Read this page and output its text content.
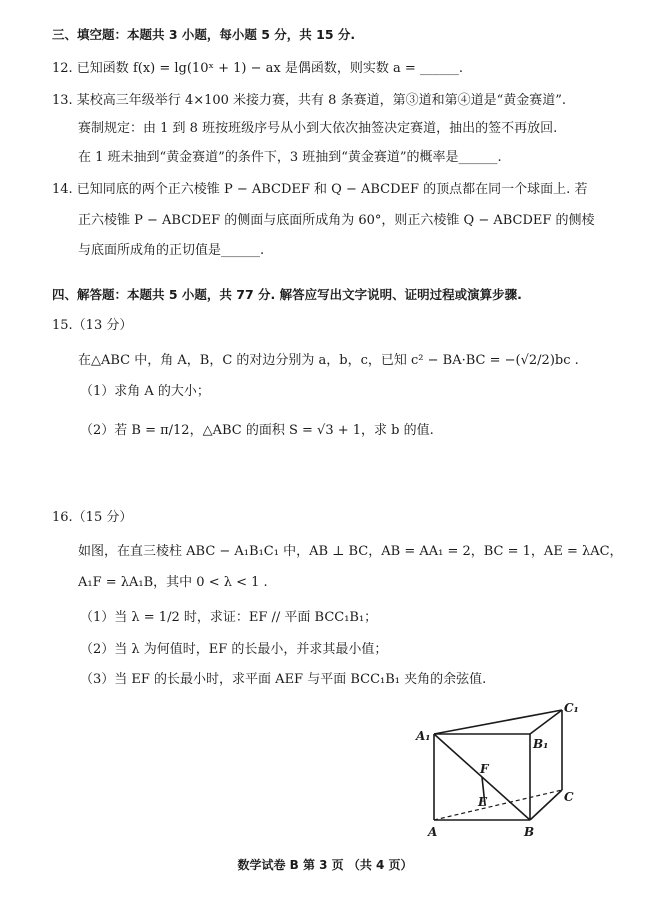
三、填空题：本题共 3 小题，每小题 5 分，共 15 分.
12. 已知函数 f(x) = lg(10ˣ + 1) − ax 是偶函数，则实数 a = ______.
13. 某校高三年级举行 4×100 米接力赛，共有 8 条赛道，第③道和第④道是“黄金赛道”.
赛制规定：由 1 到 8 班按班级序号从小到大依次抽签决定赛道，抽出的签不再放回.
在 1 班未抽到“黄金赛道”的条件下，3 班抽到“黄金赛道”的概率是______.
14. 已知同底的两个正六棱锥 P − ABCDEF 和 Q − ABCDEF 的顶点都在同一个球面上. 若
正六棱锥 P − ABCDEF 的侧面与底面所成角为 60°，则正六棱锥 Q − ABCDEF 的侧棱
与底面所成角的正切值是______.
四、解答题：本题共 5 小题，共 77 分. 解答应写出文字说明、证明过程或演算步骤.
15.（13 分）
在△ABC 中，角 A，B，C 的对边分别为 a，b，c，已知 c² − BA·BC = −(√2/2)bc .
（1）求角 A 的大小；
（2）若 B = π/12，△ABC 的面积 S = √3 + 1，求 b 的值.
16.（15 分）
如图，在直三棱柱 ABC − A₁B₁C₁ 中，AB ⊥ BC，AB = AA₁ = 2，BC = 1，AE = λAC，
A₁F = λA₁B，其中 0 < λ < 1 .
（1）当 λ = 1/2 时，求证：EF // 平面 BCC₁B₁；
（2）当 λ 为何值时，EF 的长最小，并求其最小值；
（3）当 EF 的长最小时，求平面 AEF 与平面 BCC₁B₁ 夹角的余弦值.
A₁
B₁
C₁
A	B
C
E
F
数学试卷 B 第 3 页 （共 4 页）
